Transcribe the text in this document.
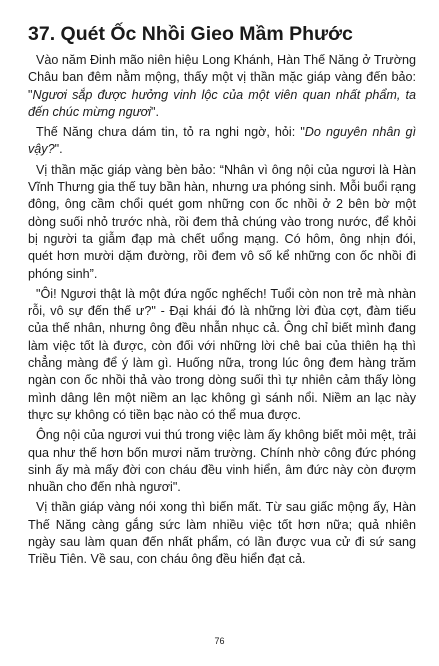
37. Quét Ốc Nhồi Gieo Mầm Phước

Vào năm Đinh mão niên hiệu Long Khánh, Hàn Thế Năng ở Trường Châu ban đêm nằm mộng, thấy một vị thần mặc giáp vàng đến bảo: "Ngươi sắp được hưởng vinh lộc của một viên quan nhất phẩm, ta đến chúc mừng ngươi".

Thế Năng chưa dám tin, tỏ ra nghi ngờ, hỏi: "Do nguyên nhân gì vậy?".

Vị thần mặc giáp vàng bèn bảo: “Nhân vì ông nội của ngươi là Hàn Vĩnh Thưng gia thế tuy bần hàn, nhưng ưa phóng sinh. Mỗi buổi rạng đông, ông cầm chổi quét gom những con ốc nhồi ở 2 bên bờ một dòng suối nhỏ trước nhà, rồi đem thả chúng vào trong nước, để khỏi bị người ta giẫm đạp mà chết uổng mạng. Có hôm, ông nhịn đói, quét hơn mười dặm đường, rồi đem vô số kể những con ốc nhồi đi phóng sinh”.

"Ôi! Ngươi thật là một đứa ngốc nghếch! Tuổi còn non trẻ mà nhàn rỗi, vô sự đến thế ư?" - Đại khái đó là những lời đùa cợt, đàm tiếu của thế nhân, nhưng ông đều nhẫn nhục cả. Ông chỉ biết mình đang làm việc tốt là được, còn đối với những lời chê bai của thiên hạ thì chẳng màng để ý làm gì. Huống nữa, trong lúc ông đem hàng trăm ngàn con ốc nhồi thả vào trong dòng suối thì tự nhiên cảm thấy lòng mình dâng lên một niềm an lạc không gì sánh nổi. Niềm an lạc này thực sự không có tiền bạc nào có thể mua được.

Ông nội của ngươi vui thú trong việc làm ấy không biết mỏi mệt, trải qua như thế hơn bốn mươi năm trường. Chính nhờ công đức phóng sinh ấy mà mấy đời con cháu đều vinh hiển, âm đức này còn đượm nhuần cho đến nhà ngươi".

Vị thần giáp vàng nói xong thì biến mất. Từ sau giấc mộng ấy, Hàn Thế Năng càng gắng sức làm nhiều việc tốt hơn nữa; quả nhiên ngày sau làm quan đến nhất phẩm, có lần được vua cử đi sứ sang Triều Tiên. Về sau, con cháu ông đều hiển đạt cả.

76
